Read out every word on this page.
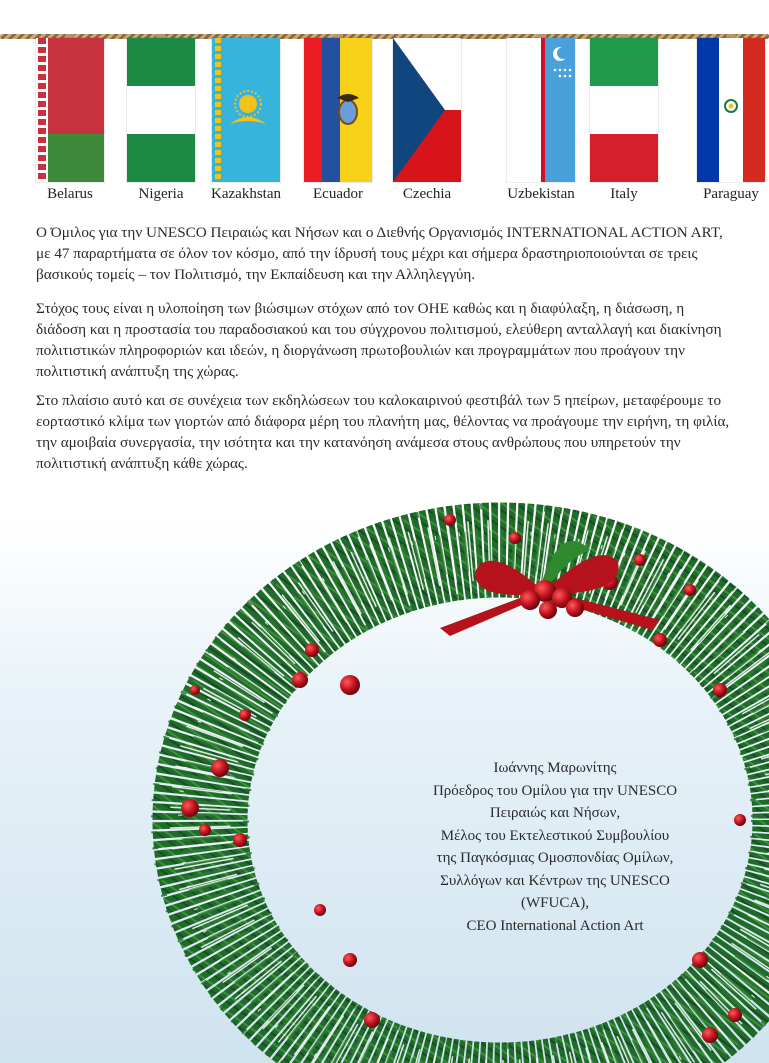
Belarus	Nigeria	Kazakhstan	Ecuador	Czechia	Uzbekistan	Italy	Paraguay

Ο Όμιλος για την UNESCO Πειραιώς και Νήσων και ο Διεθνής Οργανισμός INTERNATIONAL ACTION ART, με 47 παραρτήματα σε όλον τον κόσμο, από την ίδρυσή τους μέχρι και σήμερα δραστηριοποιούνται σε τρεις βασικούς τομείς – τον Πολιτισμό, την Εκπαίδευση και την Αλληλεγγύη.

Στόχος τους είναι η υλοποίηση των βιώσιμων στόχων από τον ΟΗΕ καθώς και η διαφύλαξη, η διάσωση, η διάδοση και η προστασία του παραδοσιακού και του σύγχρονου πολιτισμού, ελεύθερη ανταλλαγή και διακίνηση πολιτιστικών πληροφοριών και ιδεών, η διοργάνωση πρωτοβουλιών και προγραμμάτων που προάγουν την πολιτιστική ανάπτυξη της χώρας.

Στο πλαίσιο αυτό και σε συνέχεια των εκδηλώσεων του καλοκαιρινού φεστιβάλ των 5 ηπείρων, μεταφέρουμε το εορταστικό κλίμα των γιορτών από διάφορα μέρη του πλανήτη μας, θέλοντας να προάγουμε την ειρήνη, τη φιλία, την αμοιβαία συνεργασία, την ισότητα και την κατανόηση ανάμεσα στους ανθρώπους που υπηρετούν την πολιτιστική ανάπτυξη κάθε χώρας.

Ιωάννης Μαρωνίτης
Πρόεδρος του Ομίλου για την UNESCO
Πειραιώς και Νήσων,
Μέλος του Εκτελεστικού Συμβουλίου
της Παγκόσμιας Ομοσπονδίας Ομίλων,
Συλλόγων και Κέντρων της UNESCO
(WFUCA),
CEO International Action Art
